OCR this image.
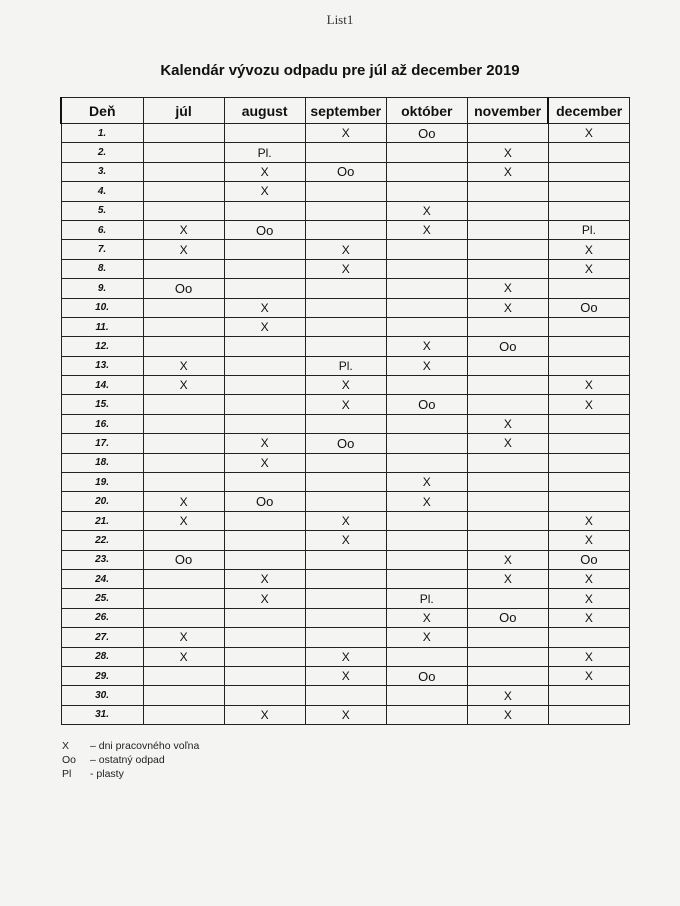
List1
Kalendár vývozu odpadu pre júl až december 2019
Deň	júl	august	september	október	november	december
1.			X	Oo		X
2.		Pl.			X	
3.		X	Oo		X	
4.		X				
5.				X		
6.	X	Oo		X		Pl.
7.	X		X			X
8.			X			X
9.	Oo				X	
10.		X			X	Oo
11.		X				
12.				X	Oo	
13.	X		Pl.	X		
14.	X		X			X
15.			X	Oo		X
16.					X	
17.		X	Oo		X	
18.		X				
19.				X		
20.	X	Oo		X		
21.	X		X			X
22.			X			X
23.	Oo				X	Oo
24.		X			X	X
25.		X		Pl.		X
26.				X	Oo	X
27.	X			X		
28.	X		X			X
29.			X	Oo		X
30.					X	
31.		X	X		X	
X – dni pracovného voľna
Oo – ostatný odpad
Pl - plasty
